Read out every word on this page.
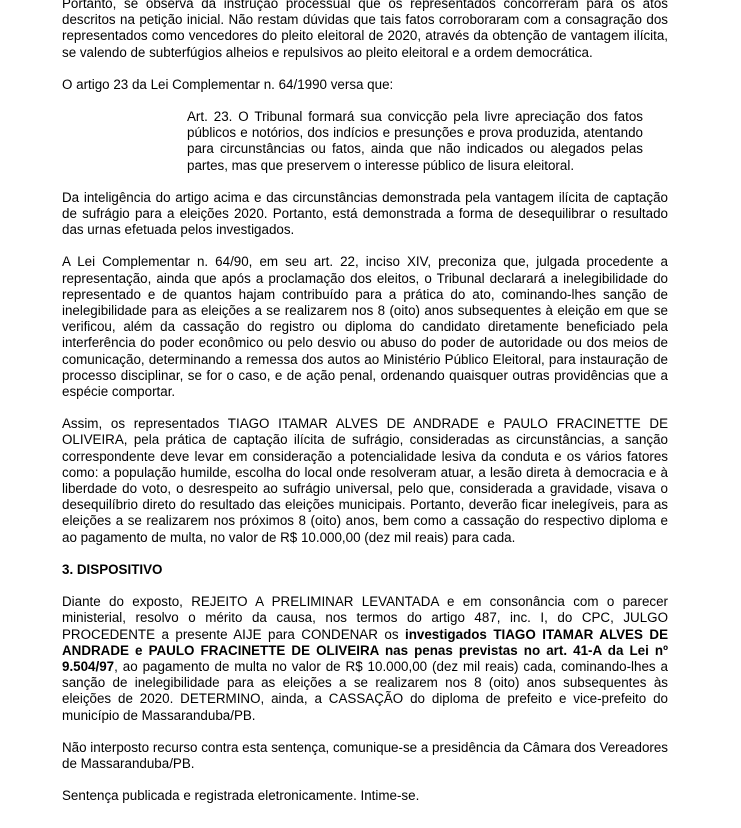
Portanto, se observa da instrução processual que os representados concorreram para os atos descritos na petição inicial. Não restam dúvidas que tais fatos corroboraram com a consagração dos representados como vencedores do pleito eleitoral de 2020, através da obtenção de vantagem ilícita, se valendo de subterfúgios alheios e repulsivos ao pleito eleitoral e a ordem democrática.

O artigo 23 da Lei Complementar n. 64/1990 versa que:

Art. 23. O Tribunal formará sua convicção pela livre apreciação dos fatos públicos e notórios, dos indícios e presunções e prova produzida, atentando para circunstâncias ou fatos, ainda que não indicados ou alegados pelas partes, mas que preservem o interesse público de lisura eleitoral.

Da inteligência do artigo acima e das circunstâncias demonstrada pela vantagem ilícita de captação de sufrágio para a eleições 2020. Portanto, está demonstrada a forma de desequilibrar o resultado das urnas efetuada pelos investigados.

A Lei Complementar n. 64/90, em seu art. 22, inciso XIV, preconiza que, julgada procedente a representação, ainda que após a proclamação dos eleitos, o Tribunal declarará a inelegibilidade do representado e de quantos hajam contribuído para a prática do ato, cominando-lhes sanção de inelegibilidade para as eleições a se realizarem nos 8 (oito) anos subsequentes à eleição em que se verificou, além da cassação do registro ou diploma do candidato diretamente beneficiado pela interferência do poder econômico ou pelo desvio ou abuso do poder de autoridade ou dos meios de comunicação, determinando a remessa dos autos ao Ministério Público Eleitoral, para instauração de processo disciplinar, se for o caso, e de ação penal, ordenando quaisquer outras providências que a espécie comportar.

Assim, os representados TIAGO ITAMAR ALVES DE ANDRADE e PAULO FRACINETTE DE OLIVEIRA, pela prática de captação ilícita de sufrágio, consideradas as circunstâncias, a sanção correspondente deve levar em consideração a potencialidade lesiva da conduta e os vários fatores como: a população humilde, escolha do local onde resolveram atuar, a lesão direta à democracia e à liberdade do voto, o desrespeito ao sufrágio universal, pelo que, considerada a gravidade, visava o desequilíbrio direto do resultado das eleições municipais. Portanto, deverão ficar inelegíveis, para as eleições a se realizarem nos próximos 8 (oito) anos, bem como a cassação do respectivo diploma e ao pagamento de multa, no valor de R$ 10.000,00 (dez mil reais) para cada.

3. DISPOSITIVO

Diante do exposto, REJEITO A PRELIMINAR LEVANTADA e em consonância com o parecer ministerial, resolvo o mérito da causa, nos termos do artigo 487, inc. I, do CPC, JULGO PROCEDENTE a presente AIJE para CONDENAR os investigados TIAGO ITAMAR ALVES DE ANDRADE e PAULO FRACINETTE DE OLIVEIRA nas penas previstas no art. 41-A da Lei nº 9.504/97, ao pagamento de multa no valor de R$ 10.000,00 (dez mil reais) cada, cominando-lhes a sanção de inelegibilidade para as eleições a se realizarem nos 8 (oito) anos subsequentes às eleições de 2020. DETERMINO, ainda, a CASSAÇÃO do diploma de prefeito e vice-prefeito do município de Massaranduba/PB.

Não interposto recurso contra esta sentença, comunique-se a presidência da Câmara dos Vereadores de Massaranduba/PB.

Sentença publicada e registrada eletronicamente. Intime-se.
